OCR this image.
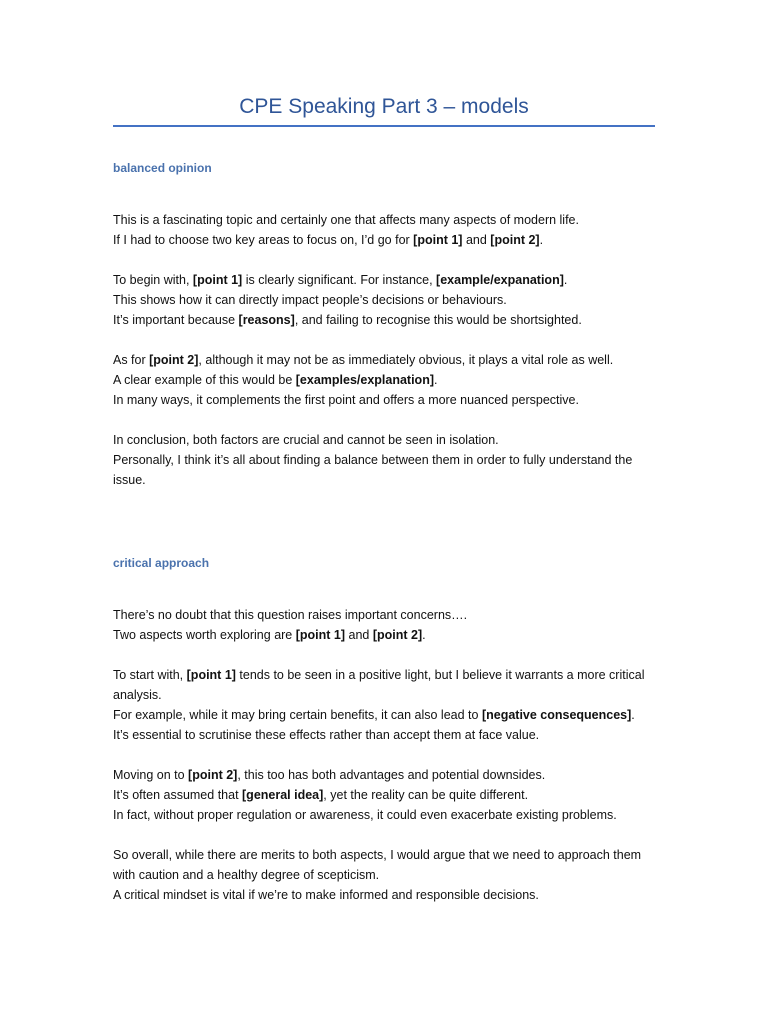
CPE Speaking Part 3 – models
balanced opinion
This is a fascinating topic and certainly one that affects many aspects of modern life.
If I had to choose two key areas to focus on, I’d go for [point 1] and [point 2].
To begin with, [point 1] is clearly significant. For instance, [example/expanation].
This shows how it can directly impact people’s decisions or behaviours.
It’s important because [reasons], and failing to recognise this would be shortsighted.
As for [point 2], although it may not be as immediately obvious, it plays a vital role as well.
A clear example of this would be [examples/explanation].
In many ways, it complements the first point and offers a more nuanced perspective.
In conclusion, both factors are crucial and cannot be seen in isolation.
Personally, I think it’s all about finding a balance between them in order to fully understand the issue.
critical approach
There’s no doubt that this question raises important concerns….
Two aspects worth exploring are [point 1] and [point 2].
To start with, [point 1] tends to be seen in a positive light, but I believe it warrants a more critical analysis.
For example, while it may bring certain benefits, it can also lead to [negative consequences].
It’s essential to scrutinise these effects rather than accept them at face value.
Moving on to [point 2], this too has both advantages and potential downsides.
It’s often assumed that [general idea], yet the reality can be quite different.
In fact, without proper regulation or awareness, it could even exacerbate existing problems.
So overall, while there are merits to both aspects, I would argue that we need to approach them with caution and a healthy degree of scepticism.
A critical mindset is vital if we’re to make informed and responsible decisions.
